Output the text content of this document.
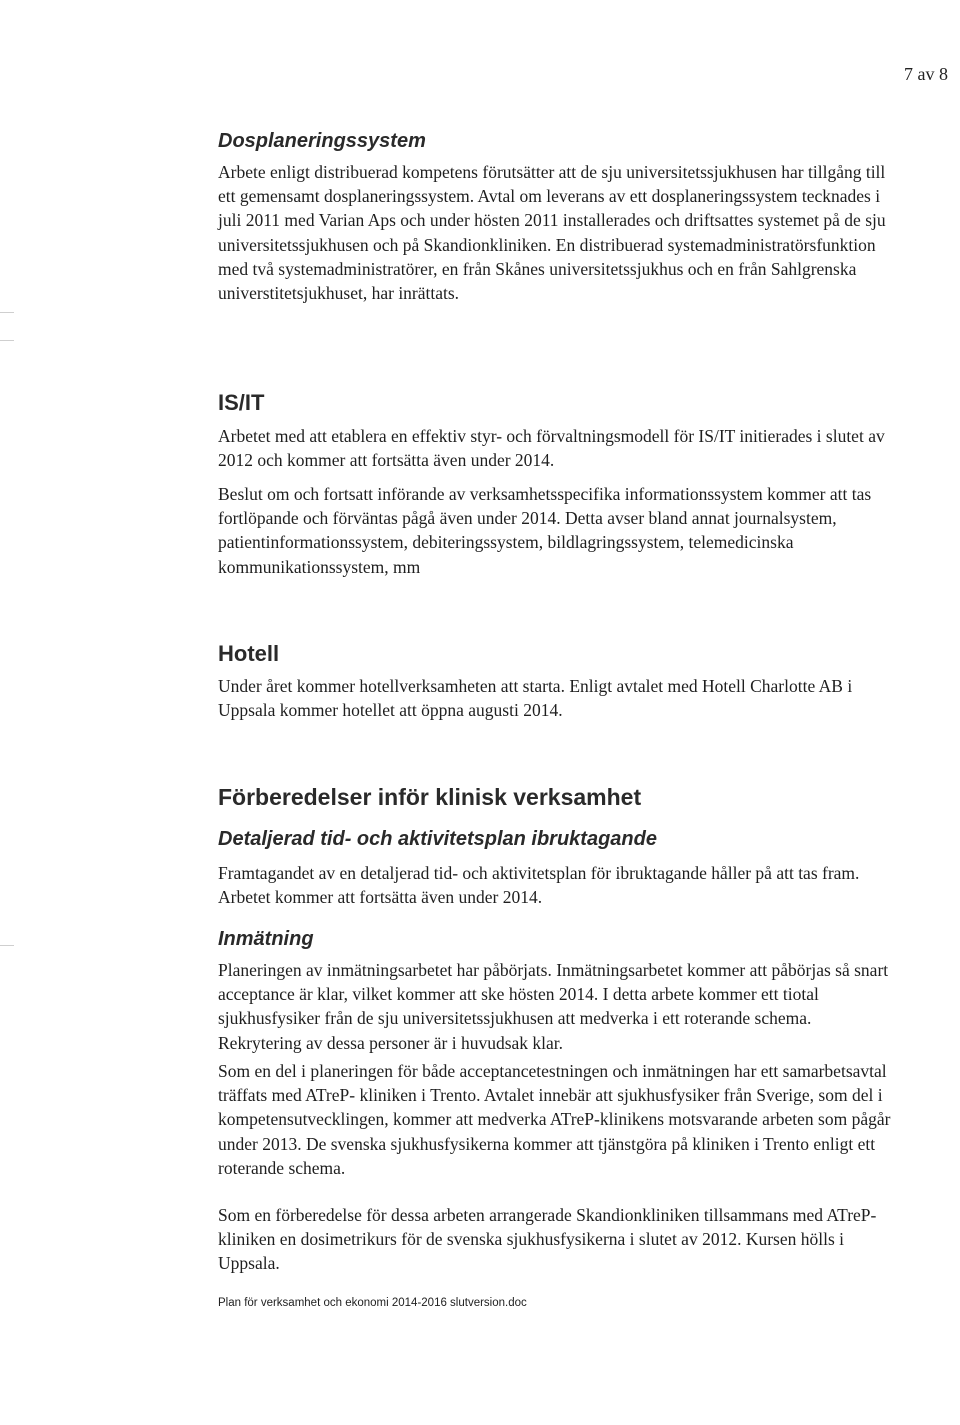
7 av 8
Dosplaneringssystem

Arbete enligt distribuerad kompetens förutsätter att de sju universitetssjukhusen har tillgång till ett gemensamt dosplaneringssystem. Avtal om leverans av ett dosplaneringssystem tecknades i juli 2011 med Varian Aps och under hösten 2011 installerades och driftsattes systemet på de sju universitetssjukhusen och på Skandionkliniken. En distribuerad systemadministratörsfunktion med två systemadministratörer, en från Skånes universitetssjukhus och en från Sahlgrenska universtitetsjukhuset, har inrättats.

IS/IT

Arbetet med att etablera en effektiv styr- och förvaltningsmodell för IS/IT initierades i slutet av 2012 och kommer att fortsätta även under 2014.

Beslut om och fortsatt införande av verksamhetsspecifika informationssystem kommer att tas fortlöpande och förväntas pågå även under 2014. Detta avser bland annat journalsystem, patientinformationssystem, debiteringssystem, bildlagringssystem, telemedicinska kommunikationssystem, mm

Hotell

Under året kommer hotellverksamheten att starta. Enligt avtalet med Hotell Charlotte AB i Uppsala kommer hotellet att öppna augusti 2014.

Förberedelser inför klinisk verksamhet
Detaljerad tid- och aktivitetsplan ibruktagande

Framtagandet av en detaljerad tid- och aktivitetsplan för ibruktagande håller på att tas fram. Arbetet kommer att fortsätta även under 2014.

Inmätning

Planeringen av inmätningsarbetet har påbörjats. Inmätningsarbetet kommer att påbörjas så snart acceptance är klar, vilket kommer att ske hösten 2014. I detta arbete kommer ett tiotal sjukhusfysiker från de sju universitetssjukhusen att medverka i ett roterande schema. Rekrytering av dessa personer är i huvudsak klar.

Som en del i planeringen för både acceptancetestningen och inmätningen har ett samarbetsavtal träffats med ATreP- kliniken i Trento. Avtalet innebär att sjukhusfysiker från Sverige, som del i kompetensutvecklingen, kommer att medverka ATreP-klinikens motsvarande arbeten som pågår under 2013. De svenska sjukhusfysikerna kommer att tjänstgöra på kliniken i Trento enligt ett roterande schema.

Som en förberedelse för dessa arbeten arrangerade Skandionkliniken tillsammans med ATreP-kliniken en dosimetrikurs för de svenska sjukhusfysikerna i slutet av 2012. Kursen hölls i Uppsala.

Plan för verksamhet och ekonomi 2014-2016 slutversion.doc
